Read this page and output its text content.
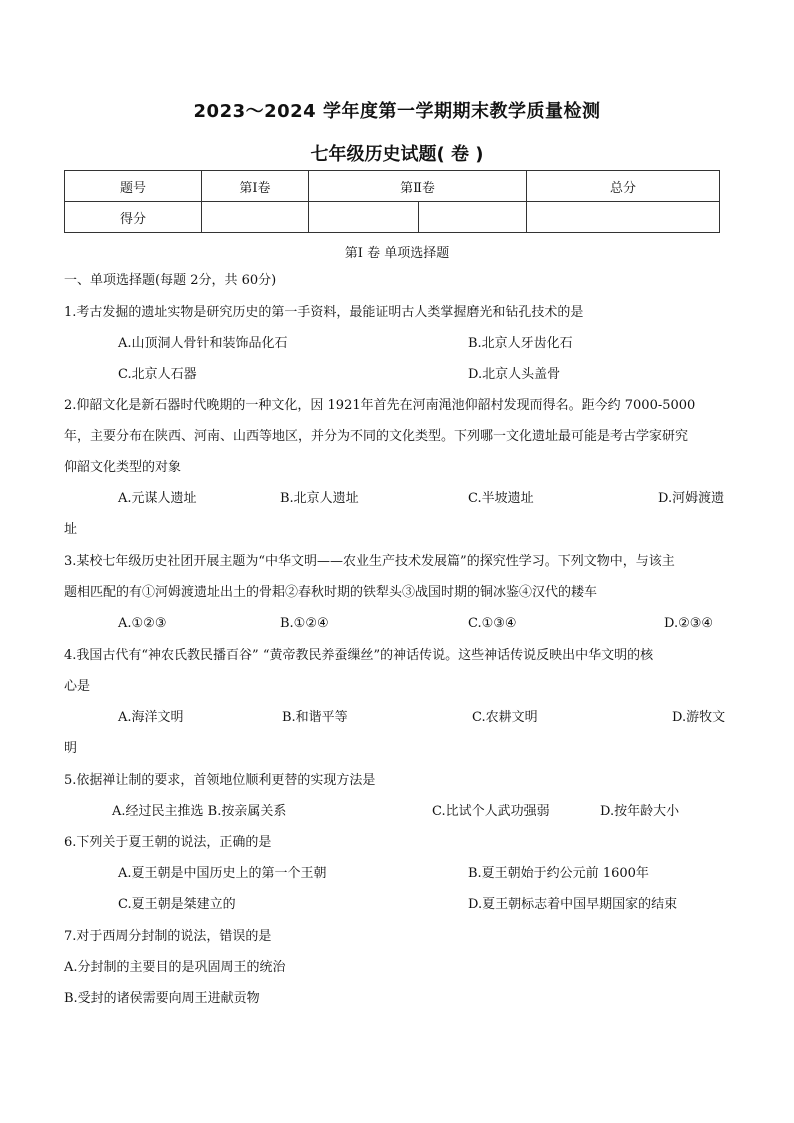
2023～2024 学年度第一学期期末教学质量检测
七年级历史试题( 卷 )
题号	第Ⅰ卷	第Ⅱ卷		总分
得分				
第Ⅰ 卷 单项选择题
一、单项选择题(每题 2分，共 60分)
1.考古发掘的遗址实物是研究历史的第一手资料，最能证明古人类掌握磨光和钻孔技术的是
A.山顶洞人骨针和装饰品化石	B.北京人牙齿化石
C.北京人石器	D.北京人头盖骨
2.仰韶文化是新石器时代晚期的一种文化，因 1921年首先在河南渑池仰韶村发现而得名。距今约 7000-5000
年，主要分布在陕西、河南、山西等地区，并分为不同的文化类型。下列哪一文化遗址最可能是考古学家研究
仰韶文化类型的对象
A.元谋人遗址	B.北京人遗址	C.半坡遗址	D.河姆渡遗
址
3.某校七年级历史社团开展主题为“中华文明——农业生产技术发展篇”的探究性学习。下列文物中，与该主
题相匹配的有①河姆渡遗址出土的骨耜②春秋时期的铁犁头③战国时期的铜冰鉴④汉代的耧车
A.①②③	B.①②④	C.①③④	D.②③④
4.我国古代有“神农氏教民播百谷” “黄帝教民养蚕缫丝”的神话传说。这些神话传说反映出中华文明的核
心是
A.海洋文明	B.和谐平等	C.农耕文明	D.游牧文
明
5.依据禅让制的要求，首领地位顺利更替的实现方法是
A.经过民主推选 B.按亲属关系	C.比试个人武功强弱	D.按年龄大小
6.下列关于夏王朝的说法，正确的是
A.夏王朝是中国历史上的第一个王朝	B.夏王朝始于约公元前 1600年
C.夏王朝是桀建立的	D.夏王朝标志着中国早期国家的结束
7.对于西周分封制的说法，错误的是
A.分封制的主要目的是巩固周王的统治
B.受封的诸侯需要向周王进献贡物
